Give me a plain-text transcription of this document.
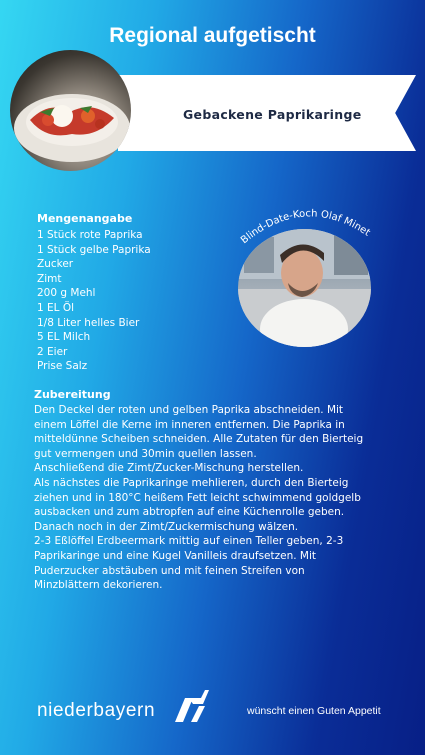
Regional aufgetischt
Gebackene Paprikaringe
Blind-Date-Koch Olaf Minet
Mengenangabe
1 Stück rote Paprika
1 Stück gelbe Paprika
Zucker
Zimt
200 g Mehl
1 EL Öl
1/8 Liter helles Bier
5 EL Milch
2 Eier
Prise Salz
Zubereitung
Den Deckel der roten und gelben Paprika abschneiden. Mit
einem Löffel die Kerne im inneren entfernen. Die Paprika in
mitteldünne Scheiben schneiden. Alle Zutaten für den Bierteig
gut vermengen und 30min quellen lassen.
Anschließend die Zimt/Zucker-Mischung herstellen.
Als nächstes die Paprikaringe mehlieren, durch den Bierteig
ziehen und in 180°C heißem Fett leicht schwimmend goldgelb
ausbacken und zum abtropfen auf eine Küchenrolle geben.
Danach noch in der Zimt/Zuckermischung wälzen.
2-3 Eßlöffel Erdbeermark mittig auf einen Teller geben, 2-3
Paprikaringe und eine Kugel Vanilleis draufsetzen. Mit
Puderzucker abstäuben und mit feinen Streifen von
Minzblättern dekorieren.
niederbayern	wünscht einen Guten Appetit
